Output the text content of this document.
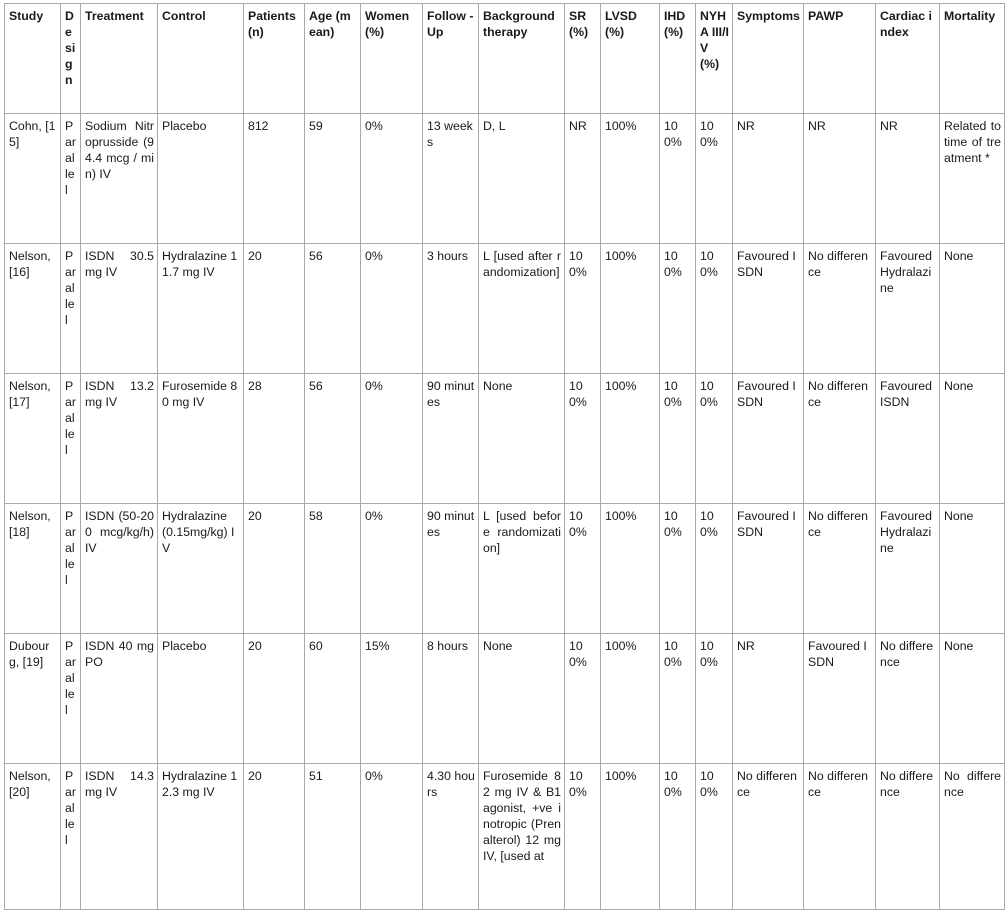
Study	Design	Treatment	Control	Patients (n)	Age (mean)	Women (%)	Follow - Up	Background therapy	SR (%)	LVSD (%)	IHD (%)	NYHA III/IV (%)	Symptoms	PAWP	Cardiac index	Mortality
Cohn, [15]	Parallel	Sodium Nitroprusside (94.4 mcg / min) IV	Placebo	812	59	0%	13 weeks	D, L	NR	100%	100%	100%	NR	NR	NR	Related to time of treatment *
Nelson, [16]	Parallel	ISDN 30.5 mg IV	Hydralazine 11.7 mg IV	20	56	0%	3 hours	L [used after randomization]	100%	100%	100%	100%	Favoured ISDN	No difference	Favoured Hydralazine	None
Nelson, [17]	Parallel	ISDN 13.2 mg IV	Furosemide 80 mg IV	28	56	0%	90 minutes	None	100%	100%	100%	100%	Favoured ISDN	No difference	Favoured ISDN	None
Nelson, [18]	Parallel	ISDN (50-200 mcg/kg/h) IV	Hydralazine (0.15mg/kg) IV	20	58	0%	90 minutes	L [used before randomization]	100%	100%	100%	100%	Favoured ISDN	No difference	Favoured Hydralazine	None
Dubourg, [19]	Parallel	ISDN 40 mg PO	Placebo	20	60	15%	8 hours	None	100%	100%	100%	100%	NR	Favoured ISDN	No difference	None
Nelson, [20]	Parallel	ISDN 14.3 mg IV	Hydralazine 12.3 mg IV	20	51	0%	4.30 hours	Furosemide 82 mg IV & B1 agonist, +ve inotropic (Prenalterol) 12 mg IV, [used at	100%	100%	100%	100%	No difference	No difference	No difference	No difference
